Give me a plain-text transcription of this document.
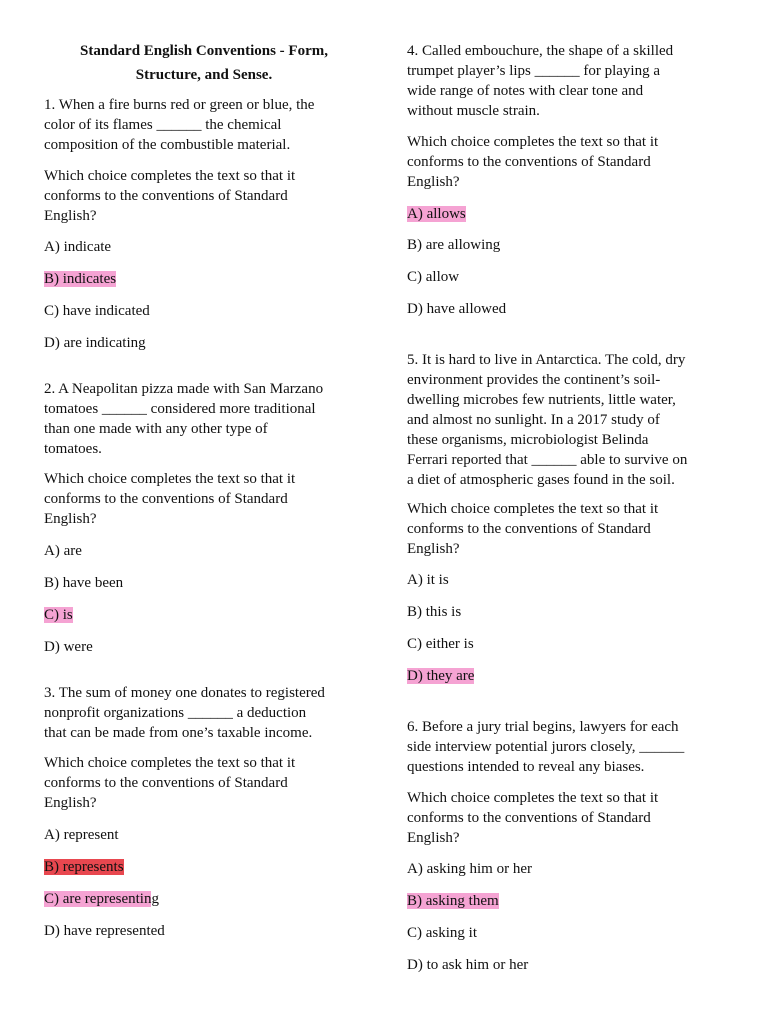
Standard English Conventions - Form,
Structure, and Sense.
1. When a fire burns red or green or blue, the
color of its flames ______ the chemical
composition of the combustible material.
Which choice completes the text so that it
conforms to the conventions of Standard
English?
A) indicate
B) indicates
C) have indicated
D) are indicating
2. A Neapolitan pizza made with San Marzano
tomatoes ______ considered more traditional
than one made with any other type of
tomatoes.
Which choice completes the text so that it
conforms to the conventions of Standard
English?
A) are
B) have been
C) is
D) were
3. The sum of money one donates to registered
nonprofit organizations ______ a deduction
that can be made from one’s taxable income.
Which choice completes the text so that it
conforms to the conventions of Standard
English?
A) represent
B) represents
C) are representing
D) have represented
4. Called embouchure, the shape of a skilled
trumpet player’s lips ______ for playing a
wide range of notes with clear tone and
without muscle strain.
Which choice completes the text so that it
conforms to the conventions of Standard
English?
A) allows
B) are allowing
C) allow
D) have allowed
5. It is hard to live in Antarctica. The cold, dry
environment provides the continent’s soil-
dwelling microbes few nutrients, little water,
and almost no sunlight. In a 2017 study of
these organisms, microbiologist Belinda
Ferrari reported that ______ able to survive on
a diet of atmospheric gases found in the soil.
Which choice completes the text so that it
conforms to the conventions of Standard
English?
A) it is
B) this is
C) either is
D) they are
6. Before a jury trial begins, lawyers for each
side interview potential jurors closely, ______
questions intended to reveal any biases.
Which choice completes the text so that it
conforms to the conventions of Standard
English?
A) asking him or her
B) asking them
C) asking it
D) to ask him or her
